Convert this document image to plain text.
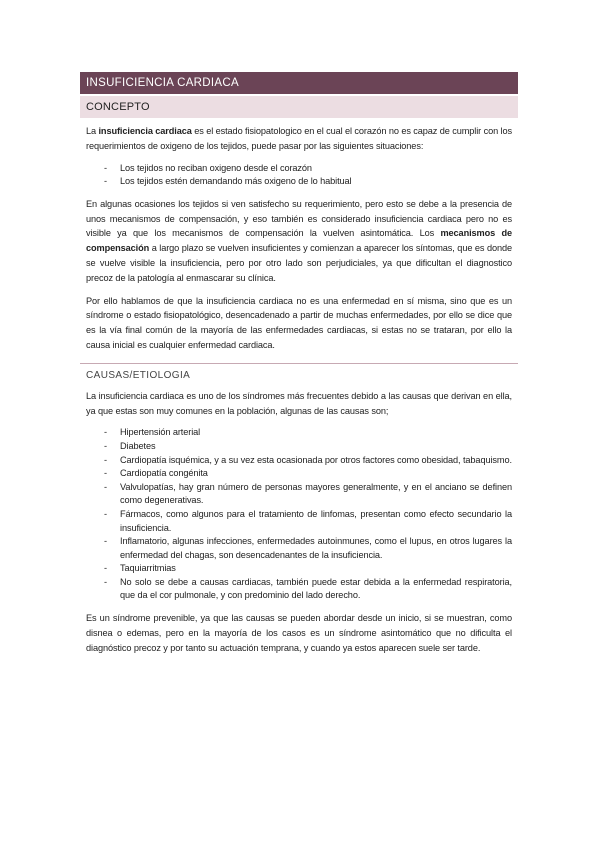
INSUFICIENCIA CARDIACA
CONCEPTO

La insuficiencia cardiaca es el estado fisiopatologico en el cual el corazón no es capaz de cumplir con los requerimientos de oxigeno de los tejidos, puede pasar por las siguientes situaciones:

- Los tejidos no reciban oxigeno desde el corazón
- Los tejidos estén demandando más oxigeno de lo habitual

En algunas ocasiones los tejidos si ven satisfecho su requerimiento, pero esto se debe a la presencia de unos mecanismos de compensación, y eso también es considerado insuficiencia cardiaca pero no es visible ya que los mecanismos de compensación la vuelven asintomática. Los mecanismos de compensación a largo plazo se vuelven insuficientes y comienzan a aparecer los síntomas, que es donde se vuelve visible la insuficiencia, pero por otro lado son perjudiciales, ya que dificultan el diagnostico precoz de la patología al enmascarar su clínica.

Por ello hablamos de que la insuficiencia cardiaca no es una enfermedad en sí misma, sino que es un síndrome o estado fisiopatológico, desencadenado a partir de muchas enfermedades, por ello se dice que es la vía final común de la mayoría de las enfermedades cardiacas, si estas no se trataran, por ello la causa inicial es cualquier enfermedad cardiaca.

CAUSAS/ETIOLOGIA

La insuficiencia cardiaca es uno de los síndromes más frecuentes debido a las causas que derivan en ella, ya que estas son muy comunes en la población, algunas de las causas son;

- Hipertensión arterial
- Diabetes
- Cardiopatía isquémica, y a su vez esta ocasionada por otros factores como obesidad, tabaquismo.
- Cardiopatía congénita
- Valvulopatías, hay gran número de personas mayores generalmente, y en el anciano se definen como degenerativas.
- Fármacos, como algunos para el tratamiento de linfomas, presentan como efecto secundario la insuficiencia.
- Inflamatorio, algunas infecciones, enfermedades autoinmunes, como el lupus, en otros lugares la enfermedad del chagas, son desencadenantes de la insuficiencia.
- Taquiarritmias
- No solo se debe a causas cardiacas, también puede estar debida a la enfermedad respiratoria, que da el cor pulmonale, y con predominio del lado derecho.

Es un síndrome prevenible, ya que las causas se pueden abordar desde un inicio, si se muestran, como disnea o edemas, pero en la mayoría de los casos es un síndrome asintomático que no dificulta el diagnóstico precoz y por tanto su actuación temprana, y cuando ya estos aparecen suele ser tarde.
